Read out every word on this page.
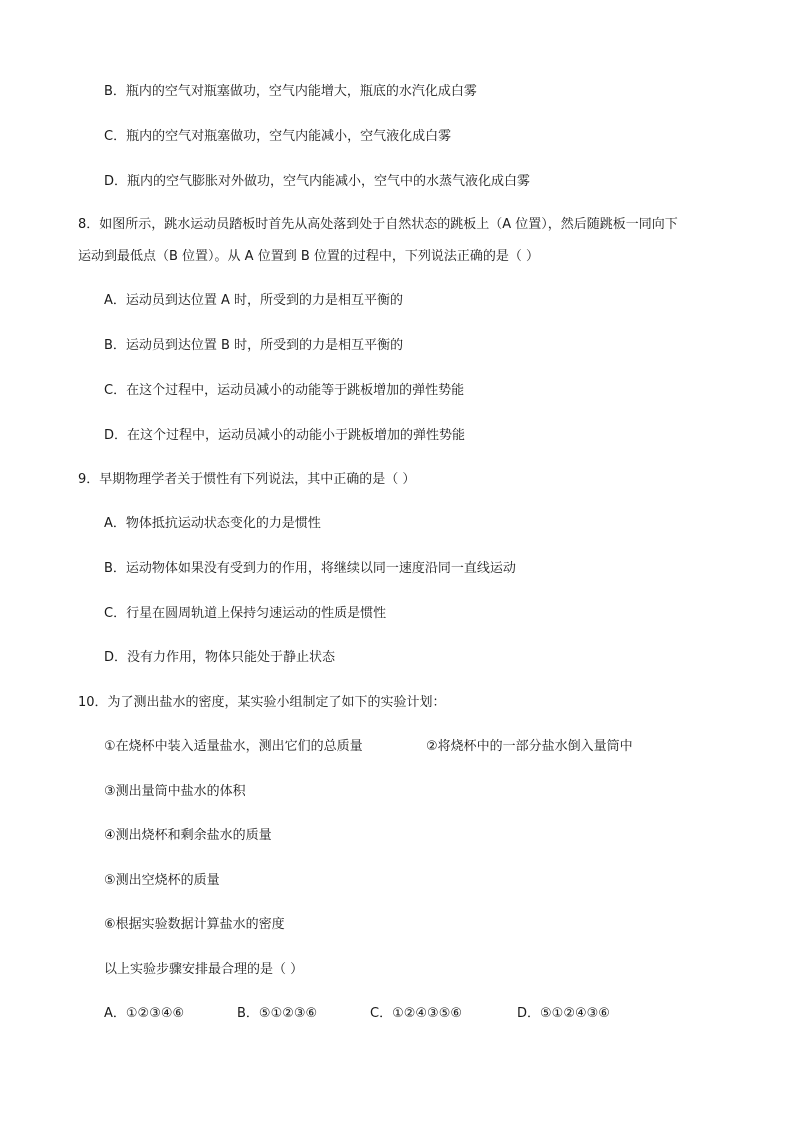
B．瓶内的空气对瓶塞做功，空气内能增大，瓶底的水汽化成白雾
C．瓶内的空气对瓶塞做功，空气内能减小，空气液化成白雾
D．瓶内的空气膨胀对外做功，空气内能减小，空气中的水蒸气液化成白雾
8．如图所示，跳水运动员踏板时首先从高处落到处于自然状态的跳板上（A 位置），然后随跳板一同向下
运动到最低点（B 位置）。从 A 位置到 B 位置的过程中，下列说法正确的是（ ）
A．运动员到达位置 A 时，所受到的力是相互平衡的
B．运动员到达位置 B 时，所受到的力是相互平衡的
C．在这个过程中，运动员减小的动能等于跳板增加的弹性势能
D．在这个过程中，运动员减小的动能小于跳板增加的弹性势能
9．早期物理学者关于惯性有下列说法，其中正确的是（ ）
A．物体抵抗运动状态变化的力是惯性
B．运动物体如果没有受到力的作用，将继续以同一速度沿同一直线运动
C．行星在圆周轨道上保持匀速运动的性质是惯性
D．没有力作用，物体只能处于静止状态
10．为了测出盐水的密度，某实验小组制定了如下的实验计划：
①在烧杯中装入适量盐水，测出它们的总质量	②将烧杯中的一部分盐水倒入量筒中
③测出量筒中盐水的体积
④测出烧杯和剩余盐水的质量
⑤测出空烧杯的质量
⑥根据实验数据计算盐水的密度
以上实验步骤安排最合理的是（ ）
A．①②③④⑥	B．⑤①②③⑥	C．①②④③⑤⑥	D．⑤①②④③⑥
